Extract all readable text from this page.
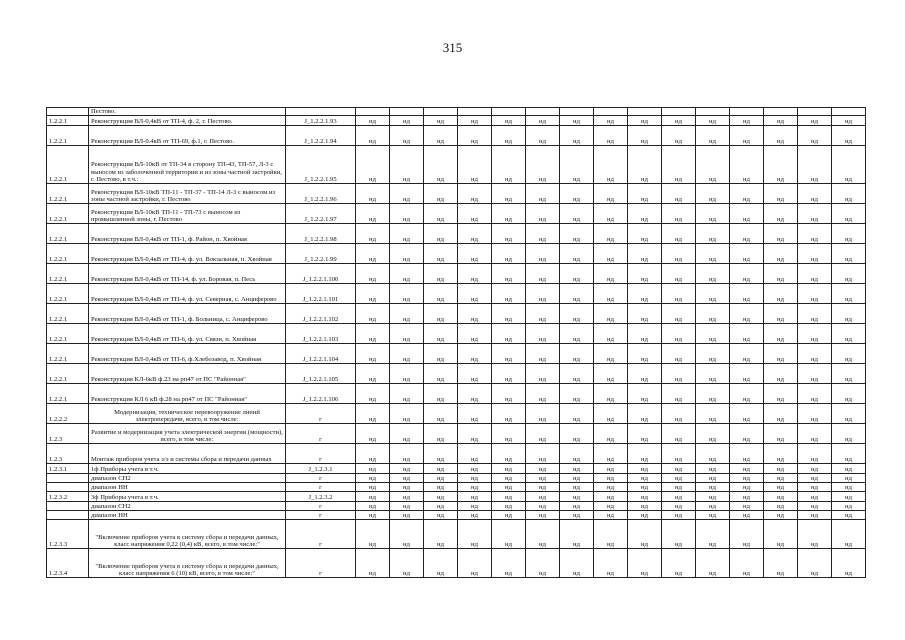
315
	Пестово.																
1.2.2.1	Реконструкция ВЛ-0,4кВ от ТП-4, ф. 2, г. Пестово.	J_1.2.2.1.93	нд	нд	нд	нд	нд	нд	нд	нд	нд	нд	нд	нд	нд	нд	нд
1.2.2.1	Реконструкция ВЛ-0.4кВ от ТП-69, ф.1, г. Пестово.	J_1.2.2.1.94	нд	нд	нд	нд	нд	нд	нд	нд	нд	нд	нд	нд	нд	нд	нд
1.2.2.1	Реконструкция ВЛ-10кВ от ТП-34 в сторону ТП-43, ТП-57, Л-3 с выносом из заболоченной территории и из зоны частной застройки, г. Пестово, в т.ч.:	J_1.2.2.1.95	нд	нд	нд	нд	нд	нд	нд	нд	нд	нд	нд	нд	нд	нд	нд
1.2.2.1	Реконструкция ВЛ-10кВ ТП-11 - ТП-37 - ТП-14 Л-3 с выносом из зоны частной застройки, г. Пестово	J_1.2.2.1.96	нд	нд	нд	нд	нд	нд	нд	нд	нд	нд	нд	нд	нд	нд	нд
1.2.2.1	Реконструкция ВЛ-10кВ ТП-11 - ТП-73 с выносом из промышленной зоны, г. Пестово	J_1.2.2.1.97	нд	нд	нд	нд	нд	нд	нд	нд	нд	нд	нд	нд	нд	нд	нд
1.2.2.1	Реконструкция ВЛ-0,4кВ от ТП-1, ф. Район, п. Хвойная	J_1.2.2.1.98	нд	нд	нд	нд	нд	нд	нд	нд	нд	нд	нд	нд	нд	нд	нд
1.2.2.1	Реконструкция ВЛ-0,4кВ от ТП-4, ф. ул. Вокзальная, п. Хвойная	J_1.2.2.1.99	нд	нд	нд	нд	нд	нд	нд	нд	нд	нд	нд	нд	нд	нд	нд
1.2.2.1	Реконструкция ВЛ-0,4кВ от ТП-14, ф. ул. Боровая, п. Песь	J_1.2.2.1.100	нд	нд	нд	нд	нд	нд	нд	нд	нд	нд	нд	нд	нд	нд	нд
1.2.2.1	Реконструкция ВЛ-0,4кВ от ТП-4, ф. ул. Северная, с. Анциферово	J_1.2.2.1.101	нд	нд	нд	нд	нд	нд	нд	нд	нд	нд	нд	нд	нд	нд	нд
1.2.2.1	Реконструкция ВЛ-0,4кВ от ТП-1, ф. Больница, с. Анциферово	J_1.2.2.1.102	нд	нд	нд	нд	нд	нд	нд	нд	нд	нд	нд	нд	нд	нд	нд
1.2.2.1	Реконструкция ВЛ-0,4кВ от ТП-6, ф. ул. Связи, п. Хвойная	J_1.2.2.1.103	нд	нд	нд	нд	нд	нд	нд	нд	нд	нд	нд	нд	нд	нд	нд
1.2.2.1	Реконструкция ВЛ-0,4кВ от ТП-6, ф.Хлебозавод, п. Хвойная	J_1.2.2.1.104	нд	нд	нд	нд	нд	нд	нд	нд	нд	нд	нд	нд	нд	нд	нд
1.2.2.1	Реконструкция КЛ-6кВ ф.23 на рп47 от ПС "Районная"	J_1.2.2.1.105	нд	нд	нд	нд	нд	нд	нд	нд	нд	нд	нд	нд	нд	нд	нд
1.2.2.1	Реконструкция КЛ 6 кВ ф.28 на рп47 от ПС "Районная"	J_1.2.2.1.106	нд	нд	нд	нд	нд	нд	нд	нд	нд	нд	нд	нд	нд	нд	нд
1.2.2.2	Модернизация, техническое перевооружение линий электропередачи, всего, в том числе:	г	нд	нд	нд	нд	нд	нд	нд	нд	нд	нд	нд	нд	нд	нд	нд
1.2.3	Развитие и модернизация учета электрической энергии (мощности), всего, в том числе:	г	нд	нд	нд	нд	нд	нд	нд	нд	нд	нд	нд	нд	нд	нд	нд
1.2.3	Монтаж приборов учета э/э и системы сбора и передачи данных	г	нд	нд	нд	нд	нд	нд	нд	нд	нд	нд	нд	нд	нд	нд	нд
1.2.3.1	1ф Приборы учета в т.ч.	J_1.2.3.1	нд	нд	нд	нд	нд	нд	нд	нд	нд	нд	нд	нд	нд	нд	нд
	диапазон СН2	г	нд	нд	нд	нд	нд	нд	нд	нд	нд	нд	нд	нд	нд	нд	нд
	диапазон НН	г	нд	нд	нд	нд	нд	нд	нд	нд	нд	нд	нд	нд	нд	нд	нд
1.2.3.2	3ф Приборы учета в т.ч.	J_1.2.3.2	нд	нд	нд	нд	нд	нд	нд	нд	нд	нд	нд	нд	нд	нд	нд
	диапазон СН2	г	нд	нд	нд	нд	нд	нд	нд	нд	нд	нд	нд	нд	нд	нд	нд
	диапазон НН	г	нд	нд	нд	нд	нд	нд	нд	нд	нд	нд	нд	нд	нд	нд	нд
1.2.3.3	"Включение приборов учета в систему сбора и передачи данных, класс напряжения 0,22 (0,4) кВ, всего, в том числе:"	г	нд	нд	нд	нд	нд	нд	нд	нд	нд	нд	нд	нд	нд	нд	нд
1.2.3.4	"Включение приборов учета в систему сбора и передачи данных, класс напряжения 6 (10) кВ, всего, в том числе:"	г	нд	нд	нд	нд	нд	нд	нд	нд	нд	нд	нд	нд	нд	нд	нд
